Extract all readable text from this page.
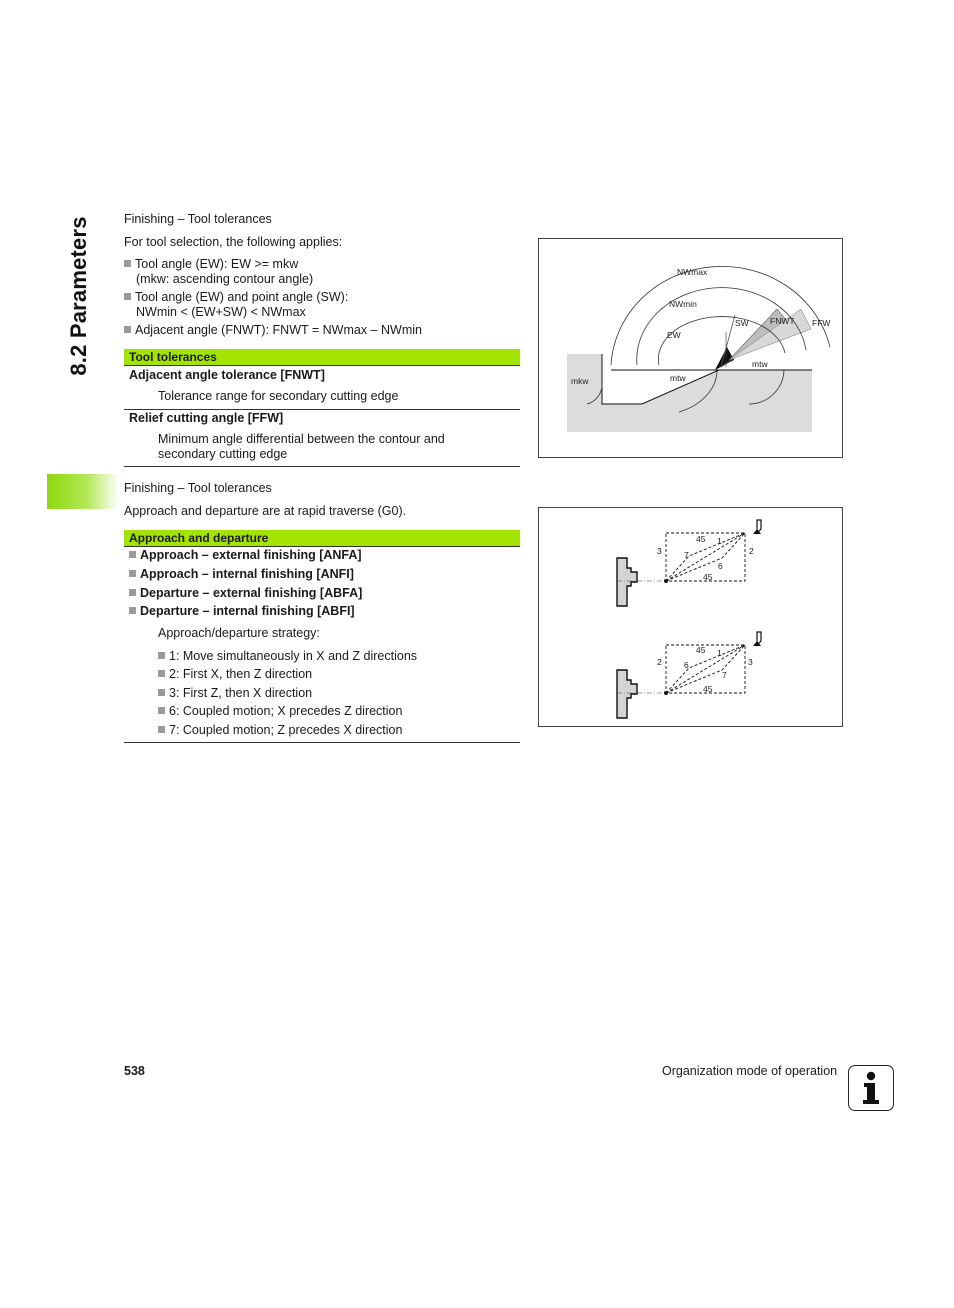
8.2 Parameters	Finishing – Tool tolerances
For tool selection, the following applies:
Tool angle (EW): EW >= mkw
(mkw: ascending contour angle)
Tool angle (EW) and point angle (SW):
NWmin < (EW+SW) < NWmax
Adjacent angle (FNWT): FNWT = NWmax – NWmin
Tool tolerances
Adjacent angle tolerance [FNWT]
Tolerance range for secondary cutting edge
Relief cutting angle [FFW]
Minimum angle differential between the contour and
secondary cutting edge
Finishing – Tool tolerances
Approach and departure are at rapid traverse (G0).
Approach and departure
Approach – external finishing [ANFA]
Approach – internal finishing [ANFI]
Departure – external finishing [ABFA]
Departure – internal finishing [ABFI]
Approach/departure strategy:
1: Move simultaneously in X and Z directions
2: First X, then Z direction
3: First Z, then X direction
6: Coupled motion; X precedes Z direction
7: Coupled motion; Z precedes X direction
NWmax
NWmin
EW
SW	FNWT FFW
mkw	mtw
mtw
45 1
3	7	2
6
45
45 1
2	6	3
7
45
538	Organization mode of operation
